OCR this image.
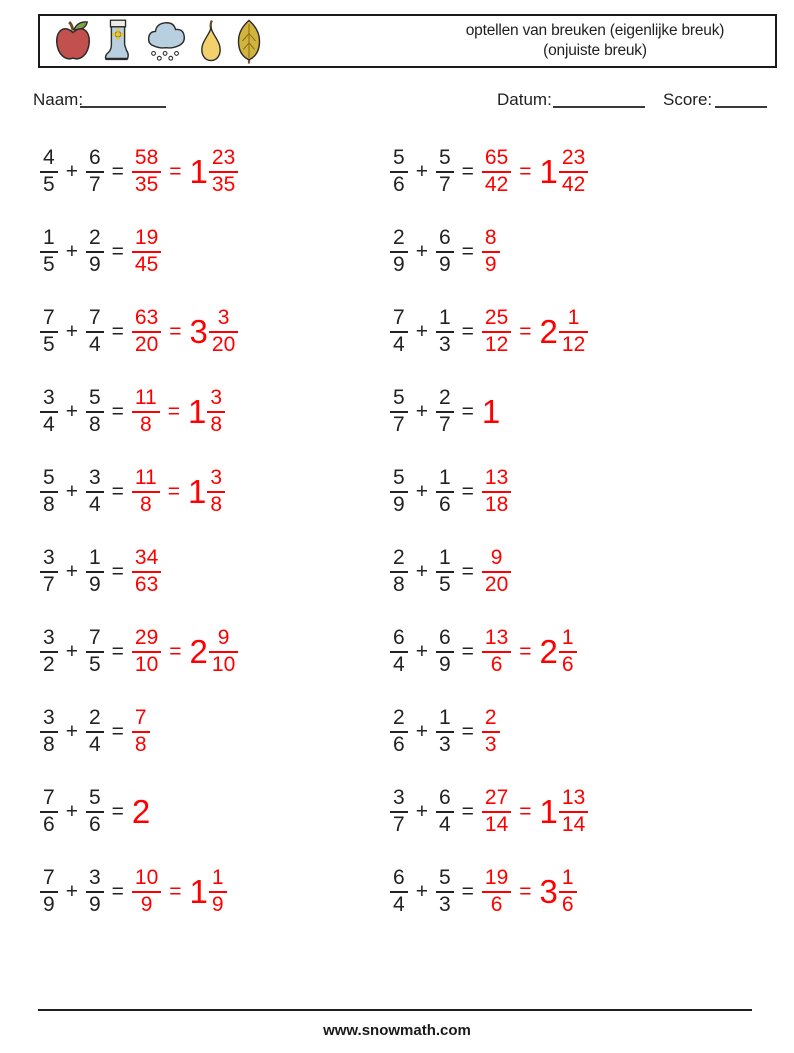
optellen van breuken (eigenlijke breuk)
(onjuiste breuk)
Naam:	Datum:	Score:
$\frac{4}{5} + \frac{6}{7} = \frac{58}{35} = 1 \frac{23}{35}$	$\frac{5}{6} + \frac{5}{7} = \frac{65}{42} = 1 \frac{23}{42}$
$\frac{1}{5} + \frac{2}{9} = \frac{19}{45}$	$\frac{2}{9} + \frac{6}{9} = \frac{8}{9}$
$\frac{7}{5} + \frac{7}{4} = \frac{63}{20} = 3 \frac{3}{20}$	$\frac{7}{4} + \frac{1}{3} = \frac{25}{12} = 2 \frac{1}{12}$
$\frac{3}{4} + \frac{5}{8} = \frac{11}{8} = 1 \frac{3}{8}$	$\frac{5}{7} + \frac{2}{7} = 1$
$\frac{5}{8} + \frac{3}{4} = \frac{11}{8} = 1 \frac{3}{8}$	$\frac{5}{9} + \frac{1}{6} = \frac{13}{18}$
$\frac{3}{7} + \frac{1}{9} = \frac{34}{63}$	$\frac{2}{8} + \frac{1}{5} = \frac{9}{20}$
$\frac{3}{2} + \frac{7}{5} = \frac{29}{10} = 2 \frac{9}{10}$	$\frac{6}{4} + \frac{6}{9} = \frac{13}{6} = 2 \frac{1}{6}$
$\frac{3}{8} + \frac{2}{4} = \frac{7}{8}$	$\frac{2}{6} + \frac{1}{3} = \frac{2}{3}$
$\frac{7}{6} + \frac{5}{6} = 2$	$\frac{3}{7} + \frac{6}{4} = \frac{27}{14} = 1 \frac{13}{14}$
$\frac{7}{9} + \frac{3}{9} = \frac{10}{9} = 1 \frac{1}{9}$	$\frac{6}{4} + \frac{5}{3} = \frac{19}{6} = 3 \frac{1}{6}$
www.snowmath.com
